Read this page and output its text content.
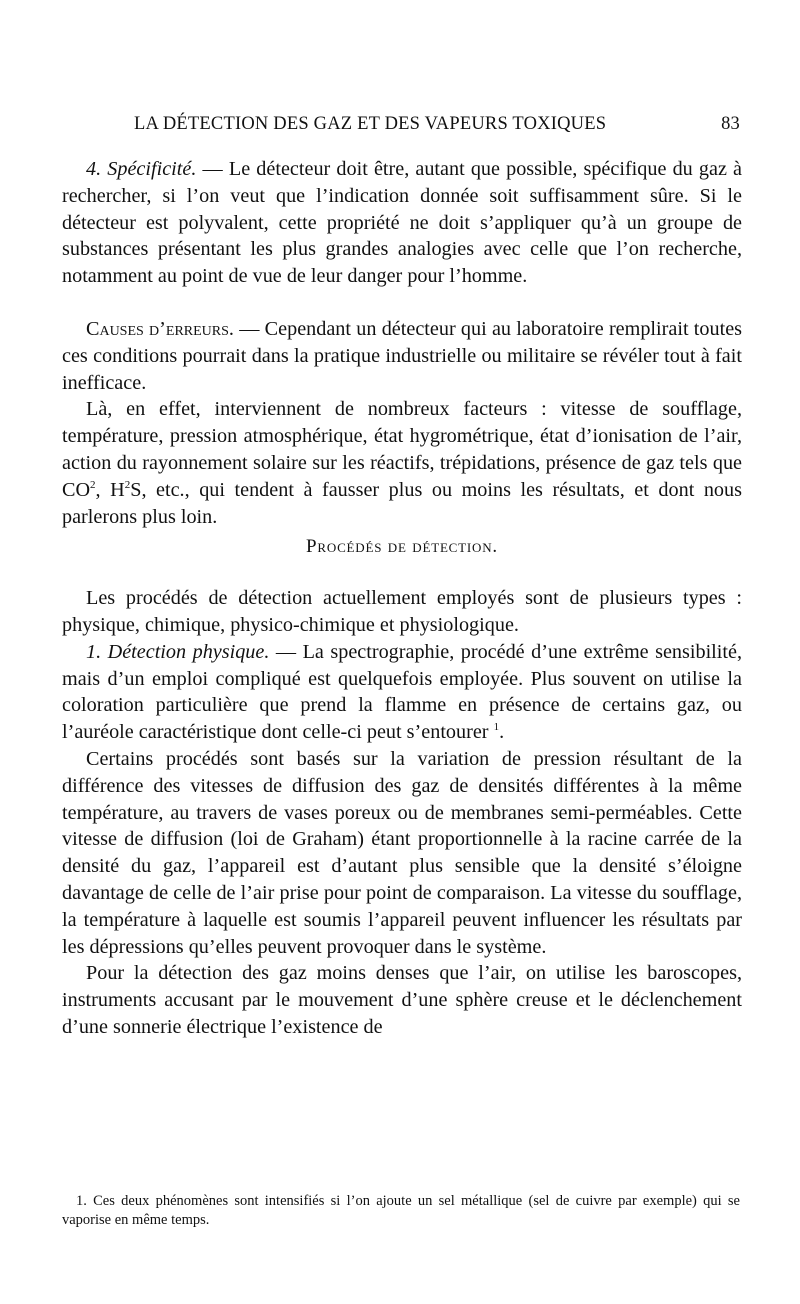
LA DÉTECTION DES GAZ ET DES VAPEURS TOXIQUES	83

4. Spécificité. — Le détecteur doit être, autant que possible, spécifique du gaz à rechercher, si l’on veut que l’indication donnée soit suffisamment sûre. Si le détecteur est polyvalent, cette propriété ne doit s’appliquer qu’à un groupe de substances présentant les plus grandes analogies avec celle que l’on recherche, notamment au point de vue de leur danger pour l’homme.

Causes d’erreurs. — Cependant un détecteur qui au laboratoire remplirait toutes ces conditions pourrait dans la pratique industrielle ou militaire se révéler tout à fait inefficace.

Là, en effet, interviennent de nombreux facteurs : vitesse de soufflage, température, pression atmosphérique, état hygrométrique, état d’ionisation de l’air, action du rayonnement solaire sur les réactifs, trépidations, présence de gaz tels que $CO^2$, $H^2S$, etc., qui tendent à fausser plus ou moins les résultats, et dont nous parlerons plus loin.

Procédés de détection.

Les procédés de détection actuellement employés sont de plusieurs types : physique, chimique, physico-chimique et physiologique.

1. Détection physique. — La spectrographie, procédé d’une extrême sensibilité, mais d’un emploi compliqué est quelquefois employée. Plus souvent on utilise la coloration particulière que prend la flamme en présence de certains gaz, ou l’auréole caractéristique dont celle-ci peut s’entourer $^1$.

Certains procédés sont basés sur la variation de pression résultant de la différence des vitesses de diffusion des gaz de densités différentes à la même température, au travers de vases poreux ou de membranes semi-perméables. Cette vitesse de diffusion (loi de Graham) étant proportionnelle à la racine carrée de la densité du gaz, l’appareil est d’autant plus sensible que la densité s’éloigne davantage de celle de l’air prise pour point de comparaison. La vitesse du soufflage, la température à laquelle est soumis l’appareil peuvent influencer les résultats par les dépressions qu’elles peuvent provoquer dans le système.

Pour la détection des gaz moins denses que l’air, on utilise les baroscopes, instruments accusant par le mouvement d’une sphère creuse et le déclenchement d’une sonnerie électrique l’existence de

1. Ces deux phénomènes sont intensifiés si l’on ajoute un sel métallique (sel de cuivre par exemple) qui se vaporise en même temps.
